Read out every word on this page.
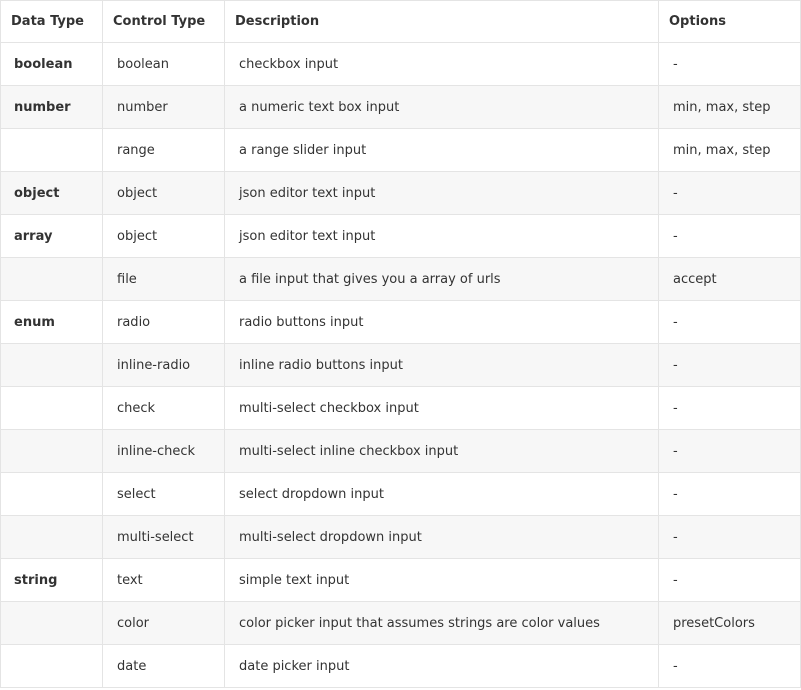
Data Type	Control Type	Description	Options
boolean	boolean	checkbox input	-
number	number	a numeric text box input	min, max, step
	range	a range slider input	min, max, step
object	object	json editor text input	-
array	object	json editor text input	-
	file	a file input that gives you a array of urls	accept
enum	radio	radio buttons input	-
	inline-radio	inline radio buttons input	-
	check	multi-select checkbox input	-
	inline-check	multi-select inline checkbox input	-
	select	select dropdown input	-
	multi-select	multi-select dropdown input	-
string	text	simple text input	-
	color	color picker input that assumes strings are color values	presetColors
	date	date picker input	-
